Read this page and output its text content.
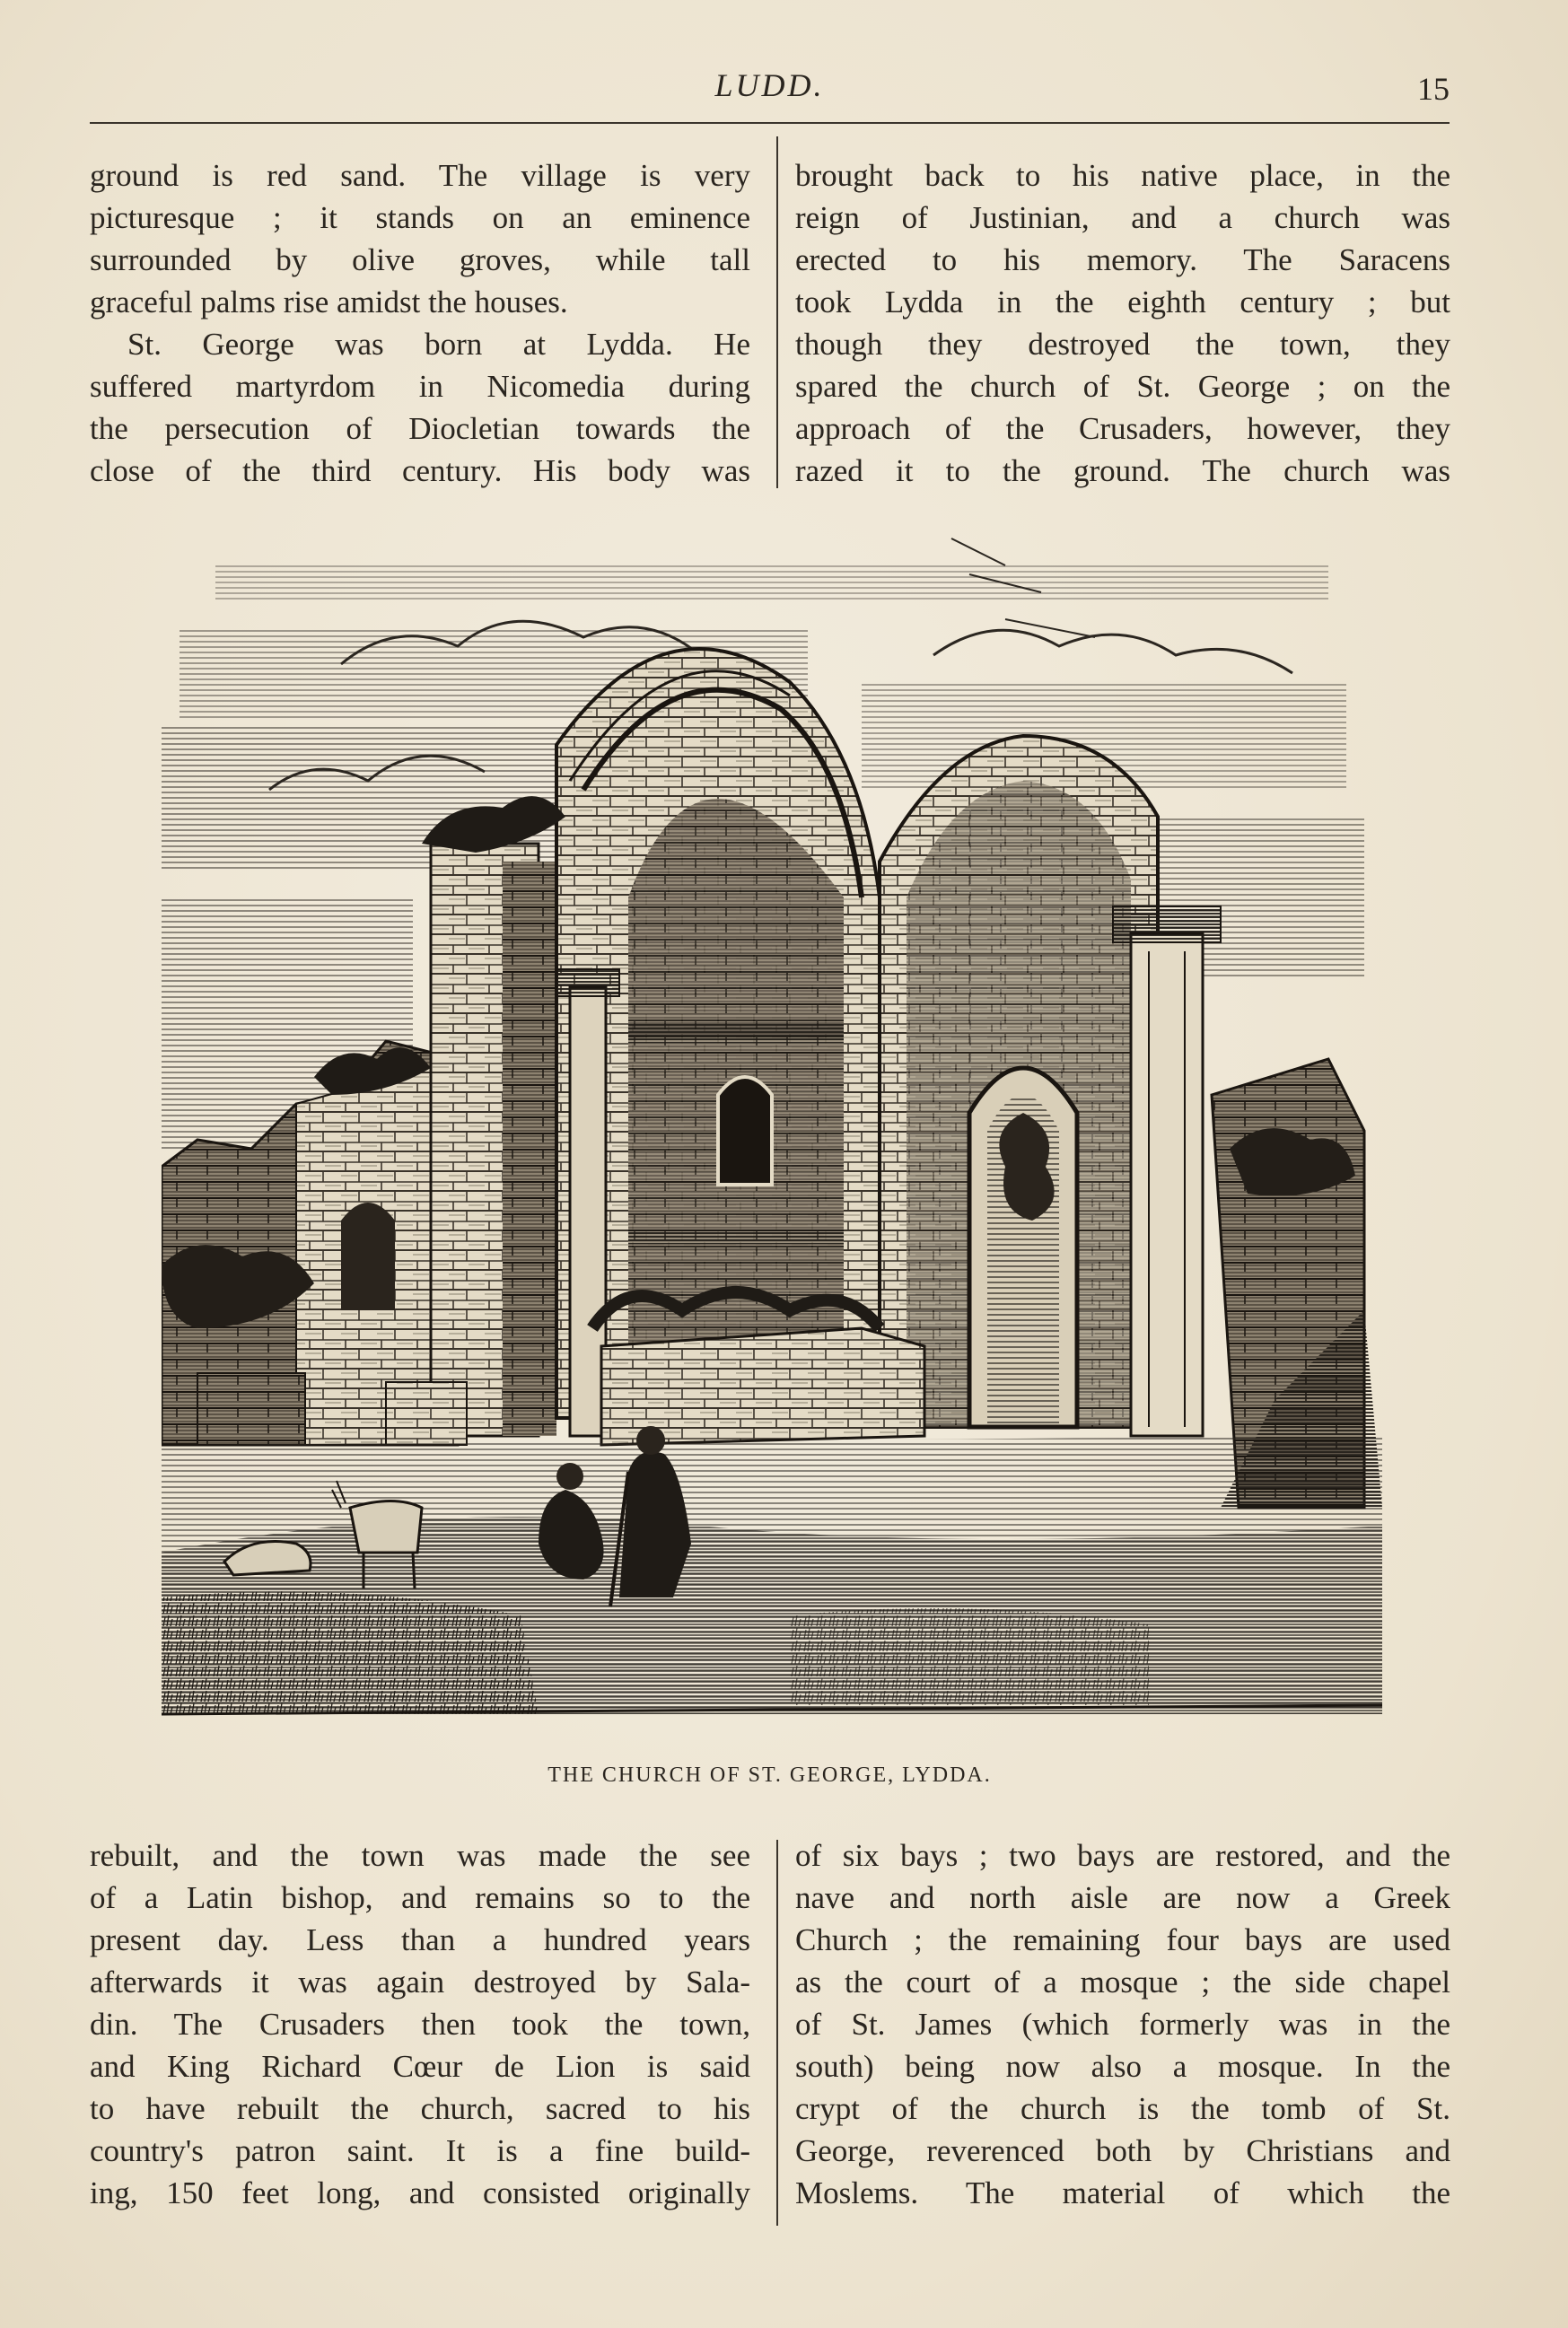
LUDD.	15
ground is red sand. The village is very
picturesque ; it stands on an eminence
surrounded by olive groves, while tall
graceful palms rise amidst the houses.
St. George was born at Lydda. He
suffered martyrdom in Nicomedia during
the persecution of Diocletian towards the
close of the third century. His body was
brought back to his native place, in the
reign of Justinian, and a church was
erected to his memory. The Saracens
took Lydda in the eighth century ; but
though they destroyed the town, they
spared the church of St. George ; on the
approach of the Crusaders, however, they
razed it to the ground. The church was
THE CHURCH OF ST. GEORGE, LYDDA.
rebuilt, and the town was made the see
of a Latin bishop, and remains so to the
present day. Less than a hundred years
afterwards it was again destroyed by Sala-
din. The Crusaders then took the town,
and King Richard Cœur de Lion is said
to have rebuilt the church, sacred to his
country's patron saint. It is a fine build-
ing, 150 feet long, and consisted originally
of six bays ; two bays are restored, and the
nave and north aisle are now a Greek
Church ; the remaining four bays are used
as the court of a mosque ; the side chapel
of St. James (which formerly was in the
south) being now also a mosque. In the
crypt of the church is the tomb of St.
George, reverenced both by Christians and
Moslems. The material of which the
